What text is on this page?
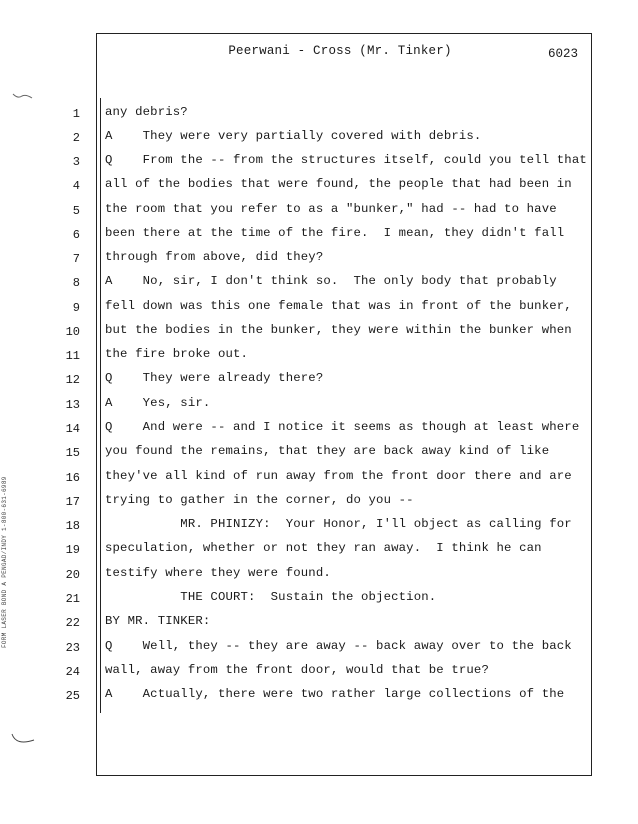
Peerwani - Cross (Mr. Tinker)	6023
FORM LASER BOND A PENGAD/INDY 1-800-631-6989
1 any debris?
2 A    They were very partially covered with debris.
3 Q    From the -- from the structures itself, could you tell that
4 all of the bodies that were found, the people that had been in
5 the room that you refer to as a "bunker," had -- had to have
6 been there at the time of the fire.  I mean, they didn't fall
7 through from above, did they?
8 A    No, sir, I don't think so.  The only body that probably
9 fell down was this one female that was in front of the bunker,
10 but the bodies in the bunker, they were within the bunker when
11 the fire broke out.
12 Q    They were already there?
13 A    Yes, sir.
14 Q    And were -- and I notice it seems as though at least where
15 you found the remains, that they are back away kind of like
16 they've all kind of run away from the front door there and are
17 trying to gather in the corner, do you --
18 MR. PHINIZY:  Your Honor, I'll object as calling for
19 speculation, whether or not they ran away.  I think he can
20 testify where they were found.
21 THE COURT:  Sustain the objection.
22 BY MR. TINKER:
23 Q    Well, they -- they are away -- back away over to the back
24 wall, away from the front door, would that be true?
25 A    Actually, there were two rather large collections of the
